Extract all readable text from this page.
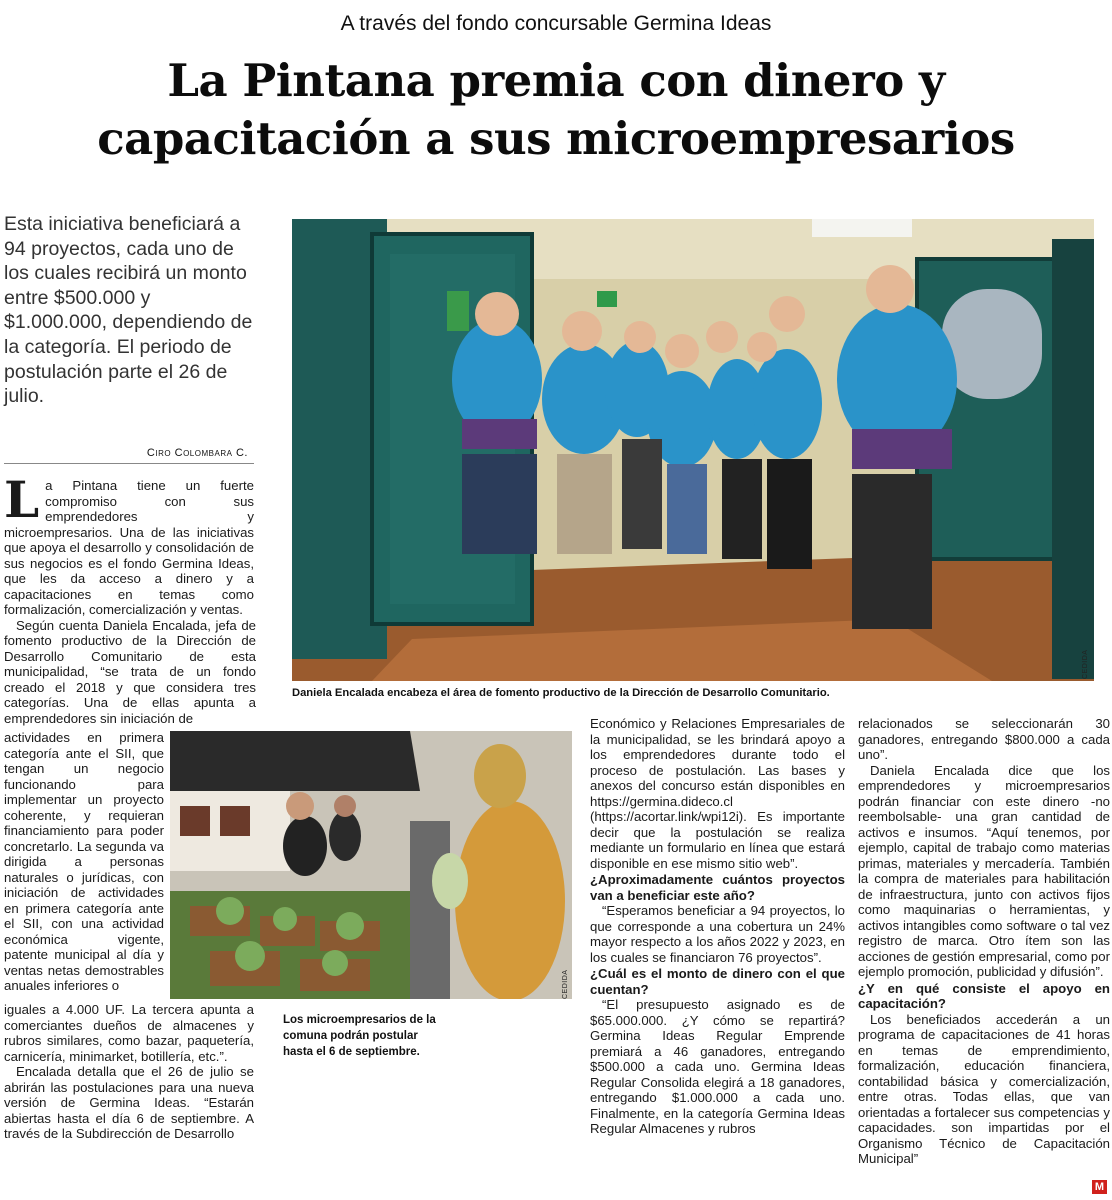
A través del fondo concursable Germina Ideas
La Pintana premia con dinero y
capacitación a sus microempresarios
Esta iniciativa beneficiará a 94 proyectos, cada uno de los cuales recibirá un monto entre $500.000 y $1.000.000, dependiendo de la categoría. El periodo de postulación parte el 26 de julio.
Ciro Colombara C.

La Pintana tiene un fuerte compromiso con sus emprendedores y microempresarios. Una de las iniciativas que apoya el desarrollo y consolidación de sus negocios es el fondo Germina Ideas, que les da acceso a dinero y a capacitaciones en temas como formalización, comercialización y ventas.

Según cuenta Daniela Encalada, jefa de fomento productivo de la Dirección de Desarrollo Comunitario de esta municipalidad, “se trata de un fondo creado el 2018 y que considera tres categorías. Una de ellas apunta a emprendedores sin iniciación de

iguales a 4.000 UF. La tercera apunta a comerciantes dueños de almacenes y rubros similares, como bazar, paquetería, carnicería, minimarket, botillería, etc.”.

Encalada detalla que el 26 de julio se abrirán las postulaciones para una nueva versión de Germina Ideas. “Estarán abiertas hasta el día 6 de septiembre. A través de la Subdirección de Desarrollo

CEDIDA
Daniela Encalada encabeza el área de fomento productivo de la Dirección de Desarrollo Comunitario.
CEDIDA

actividades en primera categoría ante el SII, que tengan un negocio funcionando para implementar un proyecto coherente, y requieran financiamiento para poder concretarlo. La segunda va dirigida a personas naturales o jurídicas, con iniciación de actividades en primera categoría ante el SII, con una actividad económica vigente, patente municipal al día y ventas netas demostrables anuales inferiores o

Los microempresarios de la comuna podrán postular hasta el 6 de septiembre.

Económico y Relaciones Empresariales de la municipalidad, se les brindará apoyo a los emprendedores durante todo el proceso de postulación. Las bases y anexos del concurso están disponibles en https://germina.dideco.cl (https://acortar.link/wpi12i). Es importante decir que la postulación se realiza mediante un formulario en línea que estará disponible en ese mismo sitio web”.

¿Aproximadamente cuántos proyectos van a beneficiar este año?

“Esperamos beneficiar a 94 proyectos, lo que corresponde a una cobertura un 24% mayor respecto a los años 2022 y 2023, en los cuales se financiaron 76 proyectos”.

¿Cuál es el monto de dinero con el que cuentan?

“El presupuesto asignado es de $65.000.000. ¿Y cómo se repartirá? Germina Ideas Regular Emprende premiará a 46 ganadores, entregando $500.000 a cada uno. Germina Ideas Regular Consolida elegirá a 18 ganadores, entregando $1.000.000 a cada uno. Finalmente, en la categoría Germina Ideas Regular Almacenes y rubros

relacionados se seleccionarán 30 ganadores, entregando $800.000 a cada uno”.

Daniela Encalada dice que los emprendedores y microempresarios podrán financiar con este dinero -no reembolsable- una gran cantidad de activos e insumos. “Aquí tenemos, por ejemplo, capital de trabajo como materias primas, materiales y mercadería. También la compra de materiales para habilitación de infraestructura, junto con activos fijos como maquinarias o herramientas, y activos intangibles como software o tal vez registro de marca. Otro ítem son las acciones de gestión empresarial, como por ejemplo promoción, publicidad y difusión”.

¿Y en qué consiste el apoyo en capacitación?

Los beneficiados accederán a un programa de capacitaciones de 41 horas en temas de emprendimiento, formalización, educación financiera, contabilidad básica y comercialización, entre otras. Todas ellas, que van orientadas a fortalecer sus competencias y capacidades. son impartidas por el Organismo Técnico de Capacitación Municipal”

M
